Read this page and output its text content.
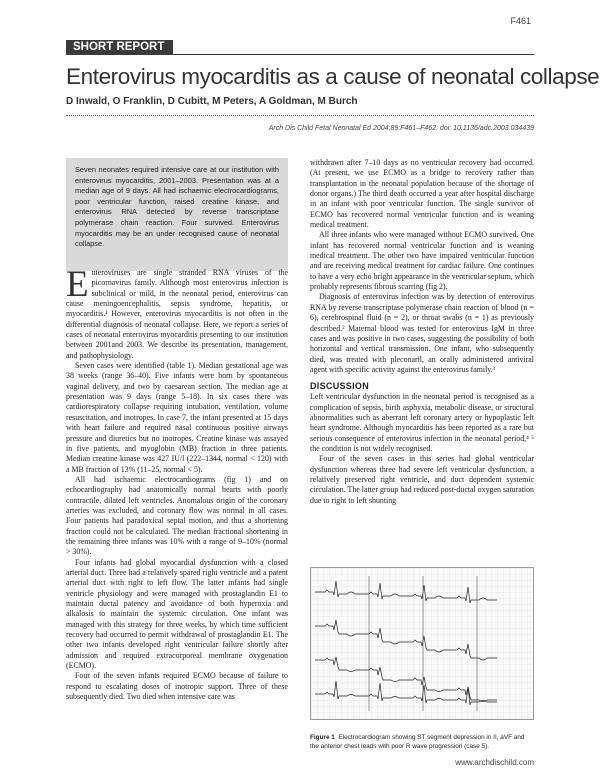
F461
SHORT REPORT
Enterovirus myocarditis as a cause of neonatal collapse
D Inwald, O Franklin, D Cubitt, M Peters, A Goldman, M Burch
Arch Dis Child Fetal Neonatal Ed 2004;89:F461–F462. doi: 10.1136/adc.2003.034439
Seven neonates required intensive care at our institution with enterovirus myocarditis, 2001–2003. Presentation was at a median age of 9 days. All had ischaemic electrocardiograms, poor ventricular function, raised creatine kinase, and enterovirus RNA detected by reverse transcriptase polymerase chain reaction. Four survived. Enterovirus myocarditis may be an under recognised cause of neonatal collapse.

Enteroviruses are single stranded RNA viruses of the picornavirus family. Although most enterovirus infection is subclinical or mild, in the neonatal period, enterovirus can cause meningoencephalitis, sepsis syndrome, hepatitis, or myocarditis.¹ However, enterovirus myocarditis is not often in the differential diagnosis of neonatal collapse. Here, we report a series of cases of neonatal enterovirus myocarditis presenting to our institution between 2001and 2003. We describe its presentation, management, and pathophysiology.

Seven cases were identified (table 1). Median gestational age was 38 weeks (range 36–40). Five infants were born by spontaneous vaginal delivery, and two by caesarean section. The median age at presentation was 9 days (range 5–18). In six cases there was cardiorespiratory collapse requiring intubation, ventilation, volume resuscitation, and inotropes. In case 7, the infant presented at 15 days with heart failure and required nasal continuous positive airways pressure and diuretics but no inotropes. Creatine kinase was assayed in five patients, and myoglobin (MB) fraction in three patients. Median creatine kinase was 427 IU/l (222–1344, normal < 120) with a MB fraction of 13% (11–25, normal < 5).

All had ischaemic electrocardiograms (fig 1) and on echocardiography had anatomically normal hearts with poorly contractile, dilated left ventricles. Anomalous origin of the coronary arteries was excluded, and coronary flow was normal in all cases. Four patients had paradoxical septal motion, and thus a shortening fraction could not be calculated. The median fractional shortening in the remaining three infants was 10% with a range of 9–10% (normal > 30%).

Four infants had global myocardial dysfunction with a closed arterial duct. Three had a relatively spared right ventricle and a patent arterial duct with right to left flow. The latter infants had single ventricle physiology and were managed with prostaglandin E1 to maintain ductal patency and avoidance of both hyperoxia and alkalosis to maintain the systemic circulation. One infant was managed with this strategy for three weeks, by which time sufficient recovery had occurred to permit withdrawal of prostaglandin E1. The other two infants developed right ventricular failure shortly after admission and required extracorporeal membrane oxygenation (ECMO).

Four of the seven infants required ECMO because of failure to respond to escalating doses of inotropic support. Three of these subsequently died. Two died when intensive care was

withdrawn after 7–10 days as no ventricular recovery had occurred. (At present, we use ECMO as a bridge to recovery rather than transplantation in the neonatal population because of the shortage of donor organs.) The third death occurred a year after hospital discharge in an infant with poor ventricular function. The single survivor of ECMO has recovered normal ventricular function and is weaning medical treatment.

All three infants who were managed without ECMO survived. One infant has recovered normal ventricular function and is weaning medical treatment. The other two have impaired ventricular function and are receiving medical treatment for cardiac failure. One continues to have a very echo bright appearance in the ventricular septum, which probably represents fibrous scarring (fig 2).

Diagnosis of enterovirus infection was by detection of enterovirus RNA by reverse transcriptase polymerase chain reaction of blood (n = 6), cerebrospinal fluid (n = 2), or throat swabs (n = 1) as previously described.² Maternal blood was tested for enterovirus IgM in three cases and was positive in two cases, suggesting the possibility of both horizontal and vertical transmission. One infant, who subsequently died, was treated with pleconaril, an orally administered antiviral agent with specific activity against the enterovirus family.³

DISCUSSION

Left ventricular dysfunction in the neonatal period is recognised as a complication of sepsis, birth asphyxia, metabolic disease, or structural abnormalities such as aberrant left coronary artery or hypoplastic left heart syndrome. Although myocarditis has been reported as a rare but serious consequence of enterovirus infection in the neonatal period,⁴ ⁵ the condition is not widely recognised.

Four of the seven cases in this series had global ventricular dysfunction whereas three had severe left ventricular dysfunction, a relatively preserved right ventricle, and duct dependent systemic circulation. The latter group had reduced post-ductal oxygen saturation due to right to left shunting

Figure 1 Electrocardiogram showing ST segment depression in II, aVF and the anterior chest leads with poor R wave progression (case 5).
www.archdischild.com
